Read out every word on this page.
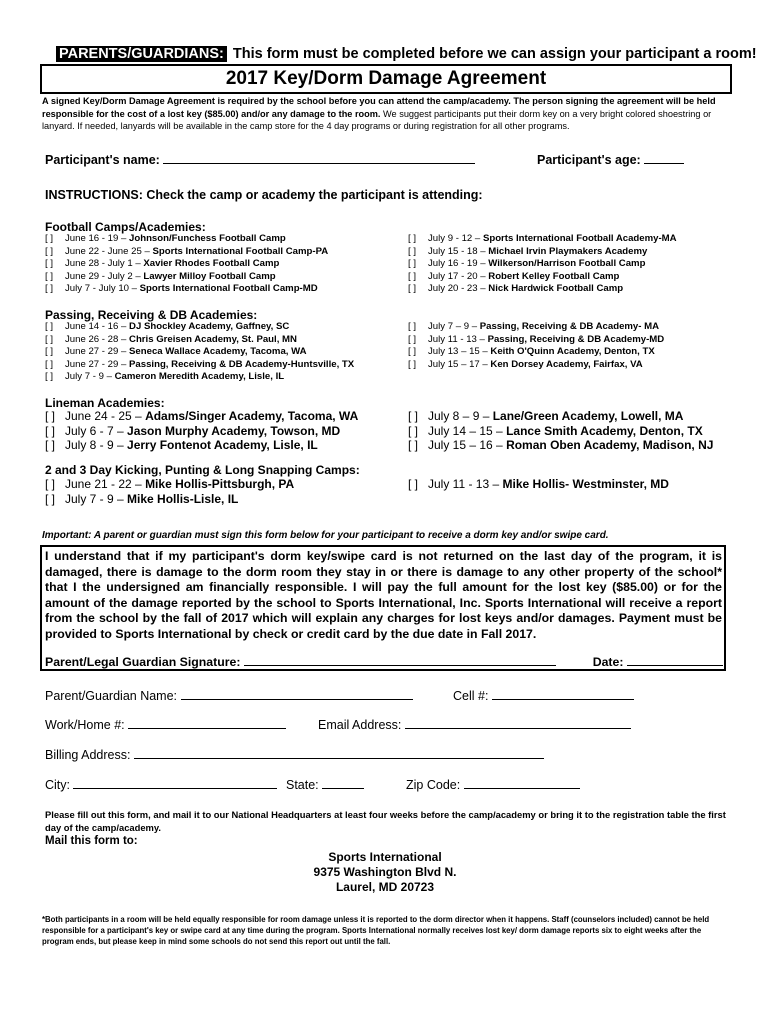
PARENTS/GUARDIANS: This form must be completed before we can assign your participant a room!
2017 Key/Dorm Damage Agreement
A signed Key/Dorm Damage Agreement is required by the school before you can attend the camp/academy. The person signing the agreement will be held responsible for the cost of a lost key ($85.00) and/or any damage to the room. We suggest participants put their dorm key on a very bright colored shoestring or lanyard. If needed, lanyards will be available in the camp store for the 4 day programs or during registration for all other programs.
Participant's name:	Participant's age:
INSTRUCTIONS: Check the camp or academy the participant is attending:
Football Camps/Academies:
[ ] June 16 - 19 – Johnson/Funchess Football Camp
[ ] June 22 - June 25 – Sports International Football Camp-PA
[ ] June 28 - July 1 – Xavier Rhodes Football Camp
[ ] June 29 - July 2 – Lawyer Milloy Football Camp
[ ] July 7 - July 10 – Sports International Football Camp-MD
[ ] July 9 - 12 – Sports International Football Academy-MA
[ ] July 15 - 18 – Michael Irvin Playmakers Academy
[ ] July 16 - 19 – Wilkerson/Harrison Football Camp
[ ] July 17 - 20 – Robert Kelley Football Camp
[ ] July 20 - 23 – Nick Hardwick Football Camp
Passing, Receiving & DB Academies:
[ ] June 14 - 16 – DJ Shockley Academy, Gaffney, SC
[ ] June 26 - 28 – Chris Greisen Academy, St. Paul, MN
[ ] June 27 - 29 – Seneca Wallace Academy, Tacoma, WA
[ ] June 27 - 29 – Passing, Receiving & DB Academy-Huntsville, TX
[ ] July 7 - 9 – Cameron Meredith Academy, Lisle, IL
[ ] July 7 – 9 – Passing, Receiving & DB Academy- MA
[ ] July 11 - 13 – Passing, Receiving & DB Academy-MD
[ ] July 13 – 15 – Keith O'Quinn Academy, Denton, TX
[ ] July 15 – 17 – Ken Dorsey Academy, Fairfax, VA
Lineman Academies:
[ ] June 24 - 25 – Adams/Singer Academy, Tacoma, WA
[ ] July 6 - 7 – Jason Murphy Academy, Towson, MD
[ ] July 8 - 9 – Jerry Fontenot Academy, Lisle, IL
[ ] July 8 – 9 – Lane/Green Academy, Lowell, MA
[ ] July 14 – 15 – Lance Smith Academy, Denton, TX
[ ] July 15 – 16 – Roman Oben Academy, Madison, NJ
2 and 3 Day Kicking, Punting & Long Snapping Camps:
[ ] June 21 - 22 – Mike Hollis-Pittsburgh, PA
[ ] July 7 - 9 – Mike Hollis-Lisle, IL
[ ] July 11 - 13 – Mike Hollis- Westminster, MD
Important: A parent or guardian must sign this form below for your participant to receive a dorm key and/or swipe card.

I understand that if my participant's dorm key/swipe card is not returned on the last day of the program, it is damaged, there is damage to the dorm room they stay in or there is damage to any other property of the school* that I the undersigned am financially responsible. I will pay the full amount for the lost key ($85.00) or for the amount of the damage reported by the school to Sports International, Inc. Sports International will receive a report from the school by the fall of 2017 which will explain any charges for lost keys and/or damages. Payment must be provided to Sports International by check or credit card by the due date in Fall 2017.

Parent/Legal Guardian Signature:	Date:
Parent/Guardian Name:	Cell #:
Work/Home #:	Email Address:
Billing Address:
City:	State:	Zip Code:
Please fill out this form, and mail it to our National Headquarters at least four weeks before the camp/academy or bring it to the registration table the first day of the camp/academy.
Mail this form to:
Sports International
9375 Washington Blvd N.
Laurel, MD 20723
*Both participants in a room will be held equally responsible for room damage unless it is reported to the dorm director when it happens. Staff (counselors included) cannot be held responsible for a participant's key or swipe card at any time during the program. Sports International normally receives lost key/ dorm damage reports six to eight weeks after the program ends, but please keep in mind some schools do not send this report out until the fall.
